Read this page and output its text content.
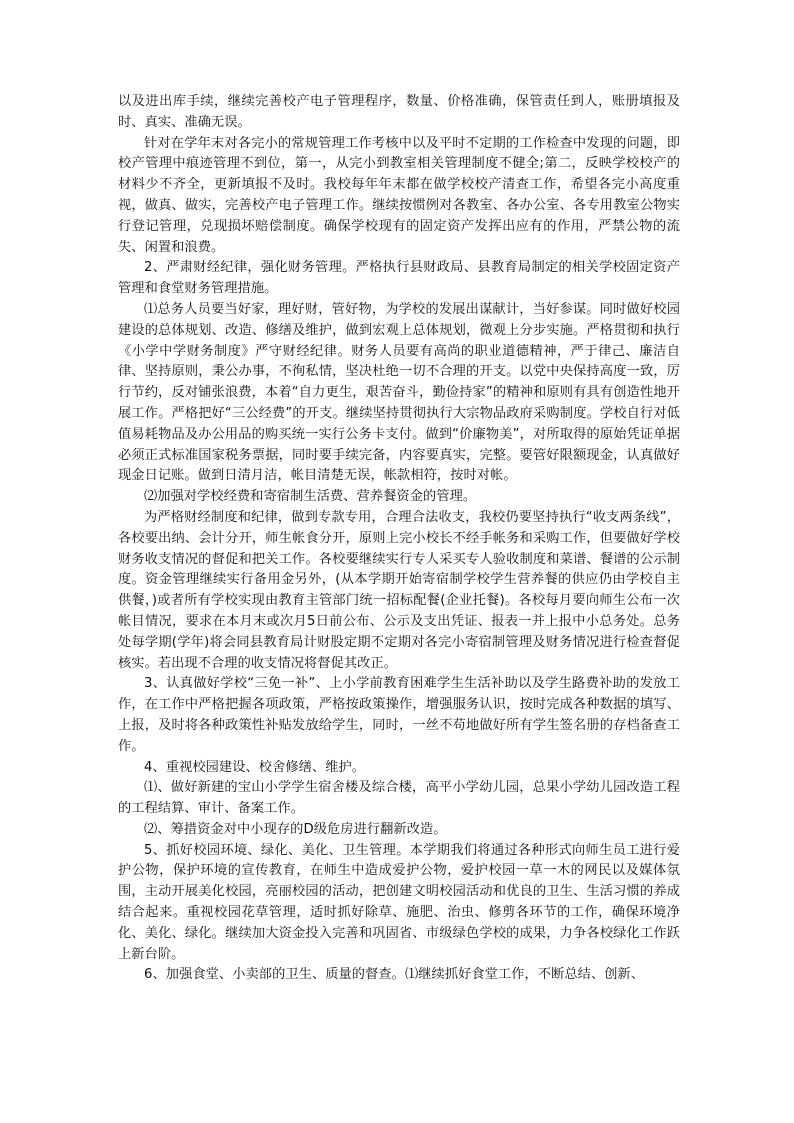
以及进出库手续，继续完善校产电子管理程序，数量、价格准确，保管责任到人，账册填报及时、真实、准确无误。

针对在学年末对各完小的常规管理工作考核中以及平时不定期的工作检查中发现的问题，即校产管理中痕迹管理不到位，第一，从完小到教室相关管理制度不健全;第二，反映学校校产的材料少不齐全，更新填报不及时。我校每年年末都在做学校校产清查工作，希望各完小高度重视，做真、做实，完善校产电子管理工作。继续按惯例对各教室、各办公室、各专用教室公物实行登记管理，兑现损坏赔偿制度。确保学校现有的固定资产发挥出应有的作用，严禁公物的流失、闲置和浪费。

2、严肃财经纪律，强化财务管理。严格执行县财政局、县教育局制定的相关学校固定资产管理和食堂财务管理措施。

⑴总务人员要当好家，理好财，管好物，为学校的发展出谋献计，当好参谋。同时做好校园建设的总体规划、改造、修缮及维护，做到宏观上总体规划，微观上分步实施。严格贯彻和执行《小学中学财务制度》严守财经纪律。财务人员要有高尚的职业道德精神，严于律己、廉洁自律、坚持原则，秉公办事，不徇私情，坚决杜绝一切不合理的开支。以党中央保持高度一致，厉行节约，反对铺张浪费，本着“自力更生，艰苦奋斗，勤俭持家”的精神和原则有具有创造性地开展工作。严格把好“三公经费”的开支。继续坚持贯彻执行大宗物品政府采购制度。学校自行对低值易耗物品及办公用品的购买统一实行公务卡支付。做到“价廉物美”，对所取得的原始凭证单据必须正式标准国家税务票据，同时要手续完备，内容要真实，完整。要管好限额现金，认真做好现金日记账。做到日清月洁，帐目清楚无误，帐款相符，按时对帐。

⑵加强对学校经费和寄宿制生活费、营养餐资金的管理。

为严格财经制度和纪律，做到专款专用，合理合法收支，我校仍要坚持执行“收支两条线”，各校要出纳、会计分开，师生帐食分开，原则上完小校长不经手帐务和采购工作，但要做好学校财务收支情况的督促和把关工作。各校要继续实行专人采买专人验收制度和菜谱、餐谱的公示制度。资金管理继续实行备用金另外，(从本学期开始寄宿制学校学生营养餐的供应仍由学校自主供餐，)或者所有学校实现由教育主管部门统一招标配餐(企业托餐)。各校每月要向师生公布一次帐目情况，要求在本月末或次月5日前公布、公示及支出凭证、报表一并上报中小总务处。总务处每学期(学年)将会同县教育局计财股定期不定期对各完小寄宿制管理及财务情况进行检查督促核实。若出现不合理的收支情况将督促其改正。

3、认真做好学校“三免一补”、上小学前教育困难学生生活补助以及学生路费补助的发放工作，在工作中严格把握各项政策，严格按政策操作，增强服务认识，按时完成各种数据的填写、上报，及时将各种政策性补贴发放给学生，同时，一丝不苟地做好所有学生签名册的存档备查工作。

4、重视校园建设、校舍修缮、维护。

⑴、做好新建的宝山小学学生宿舍楼及综合楼，高平小学幼儿园，总果小学幼儿园改造工程的工程结算、审计、备案工作。

⑵、筹措资金对中小现存的D级危房进行翻新改造。

5、抓好校园环境、绿化、美化、卫生管理。本学期我们将通过各种形式向师生员工进行爱护公物，保护环境的宣传教育，在师生中造成爱护公物，爱护校园一草一木的网民以及媒体氛围，主动开展美化校园，亮丽校园的活动，把创建文明校园活动和优良的卫生、生活习惯的养成结合起来。重视校园花草管理，适时抓好除草、施肥、治虫、修剪各环节的工作，确保环境净化、美化、绿化。继续加大资金投入完善和巩固省、市级绿色学校的成果，力争各校绿化工作跃上新台阶。

6、加强食堂、小卖部的卫生、质量的督查。⑴继续抓好食堂工作，不断总结、创新、
